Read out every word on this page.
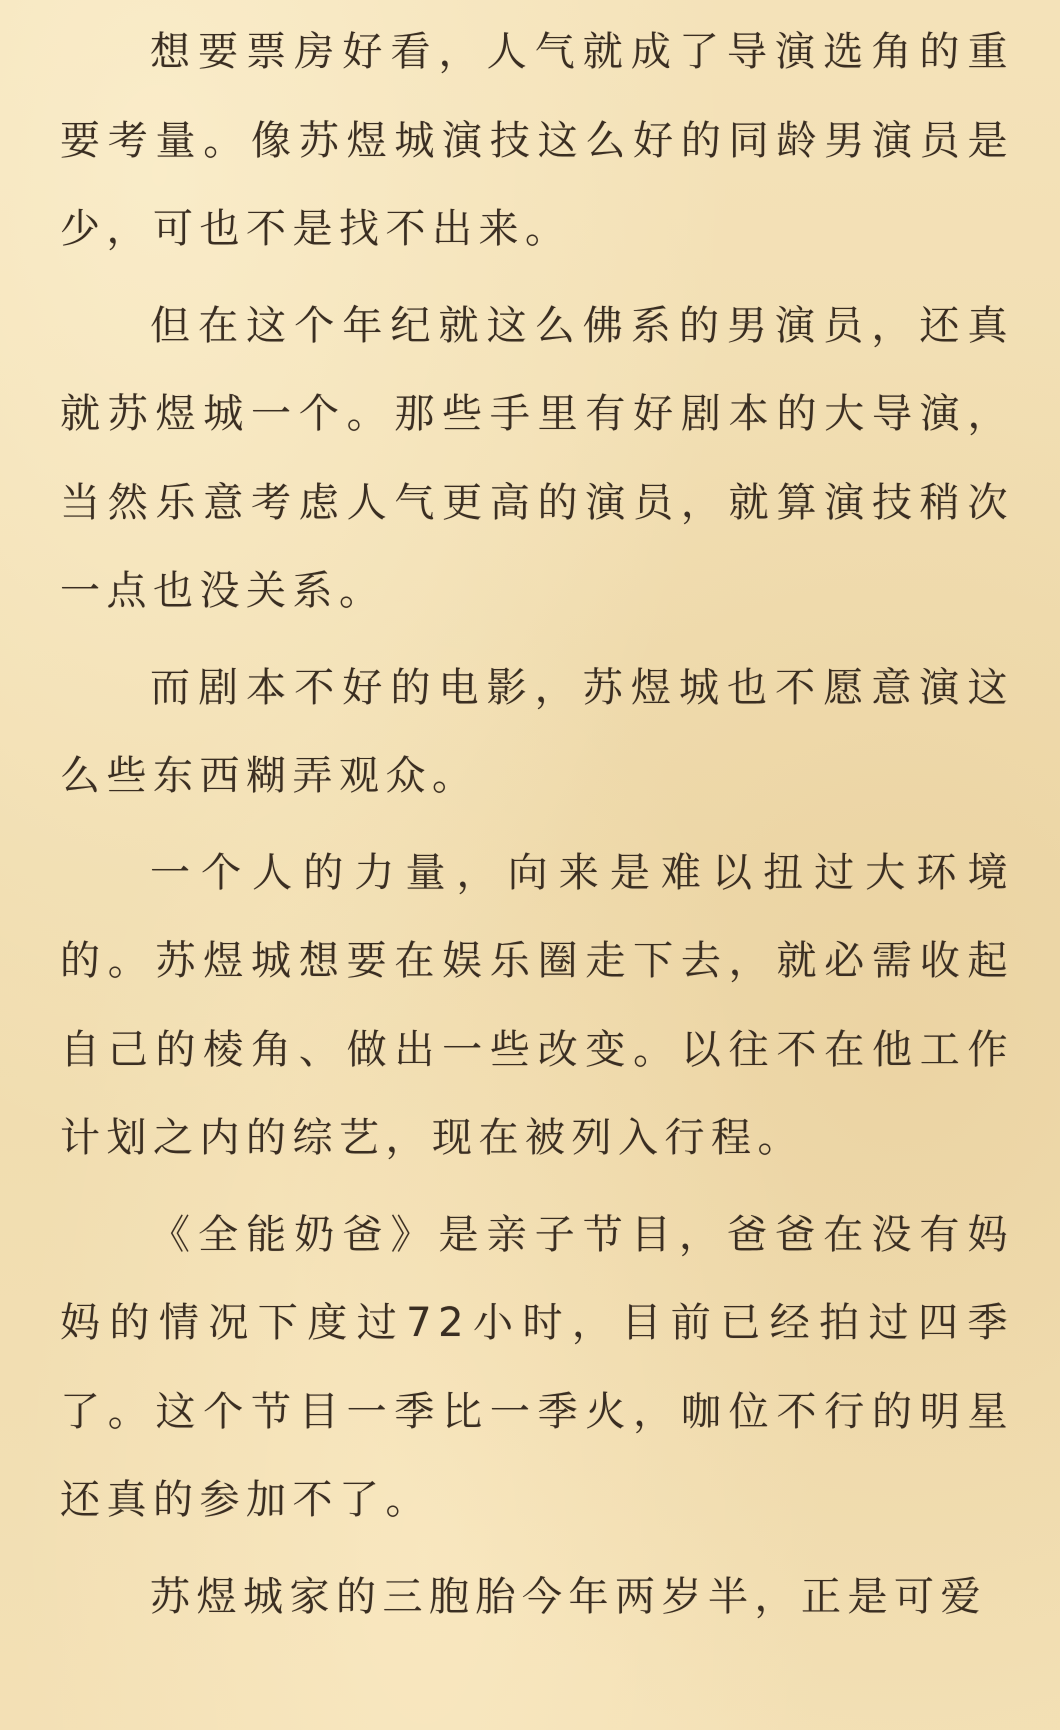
想要票房好看，人气就成了导演选角的重要考量。像苏煜城演技这么好的同龄男演员是少，可也不是找不出来。

但在这个年纪就这么佛系的男演员，还真就苏煜城一个。那些手里有好剧本的大导演，当然乐意考虑人气更高的演员，就算演技稍次一点也没关系。

而剧本不好的电影，苏煜城也不愿意演这么些东西糊弄观众。

一个人的力量，向来是难以扭过大环境的。苏煜城想要在娱乐圈走下去，就必需收起自己的棱角、做出一些改变。以往不在他工作计划之内的综艺，现在被列入行程。

《全能奶爸》是亲子节目，爸爸在没有妈妈的情况下度过72小时，目前已经拍过四季了。这个节目一季比一季火，咖位不行的明星还真的参加不了。

苏煜城家的三胞胎今年两岁半，正是可爱
